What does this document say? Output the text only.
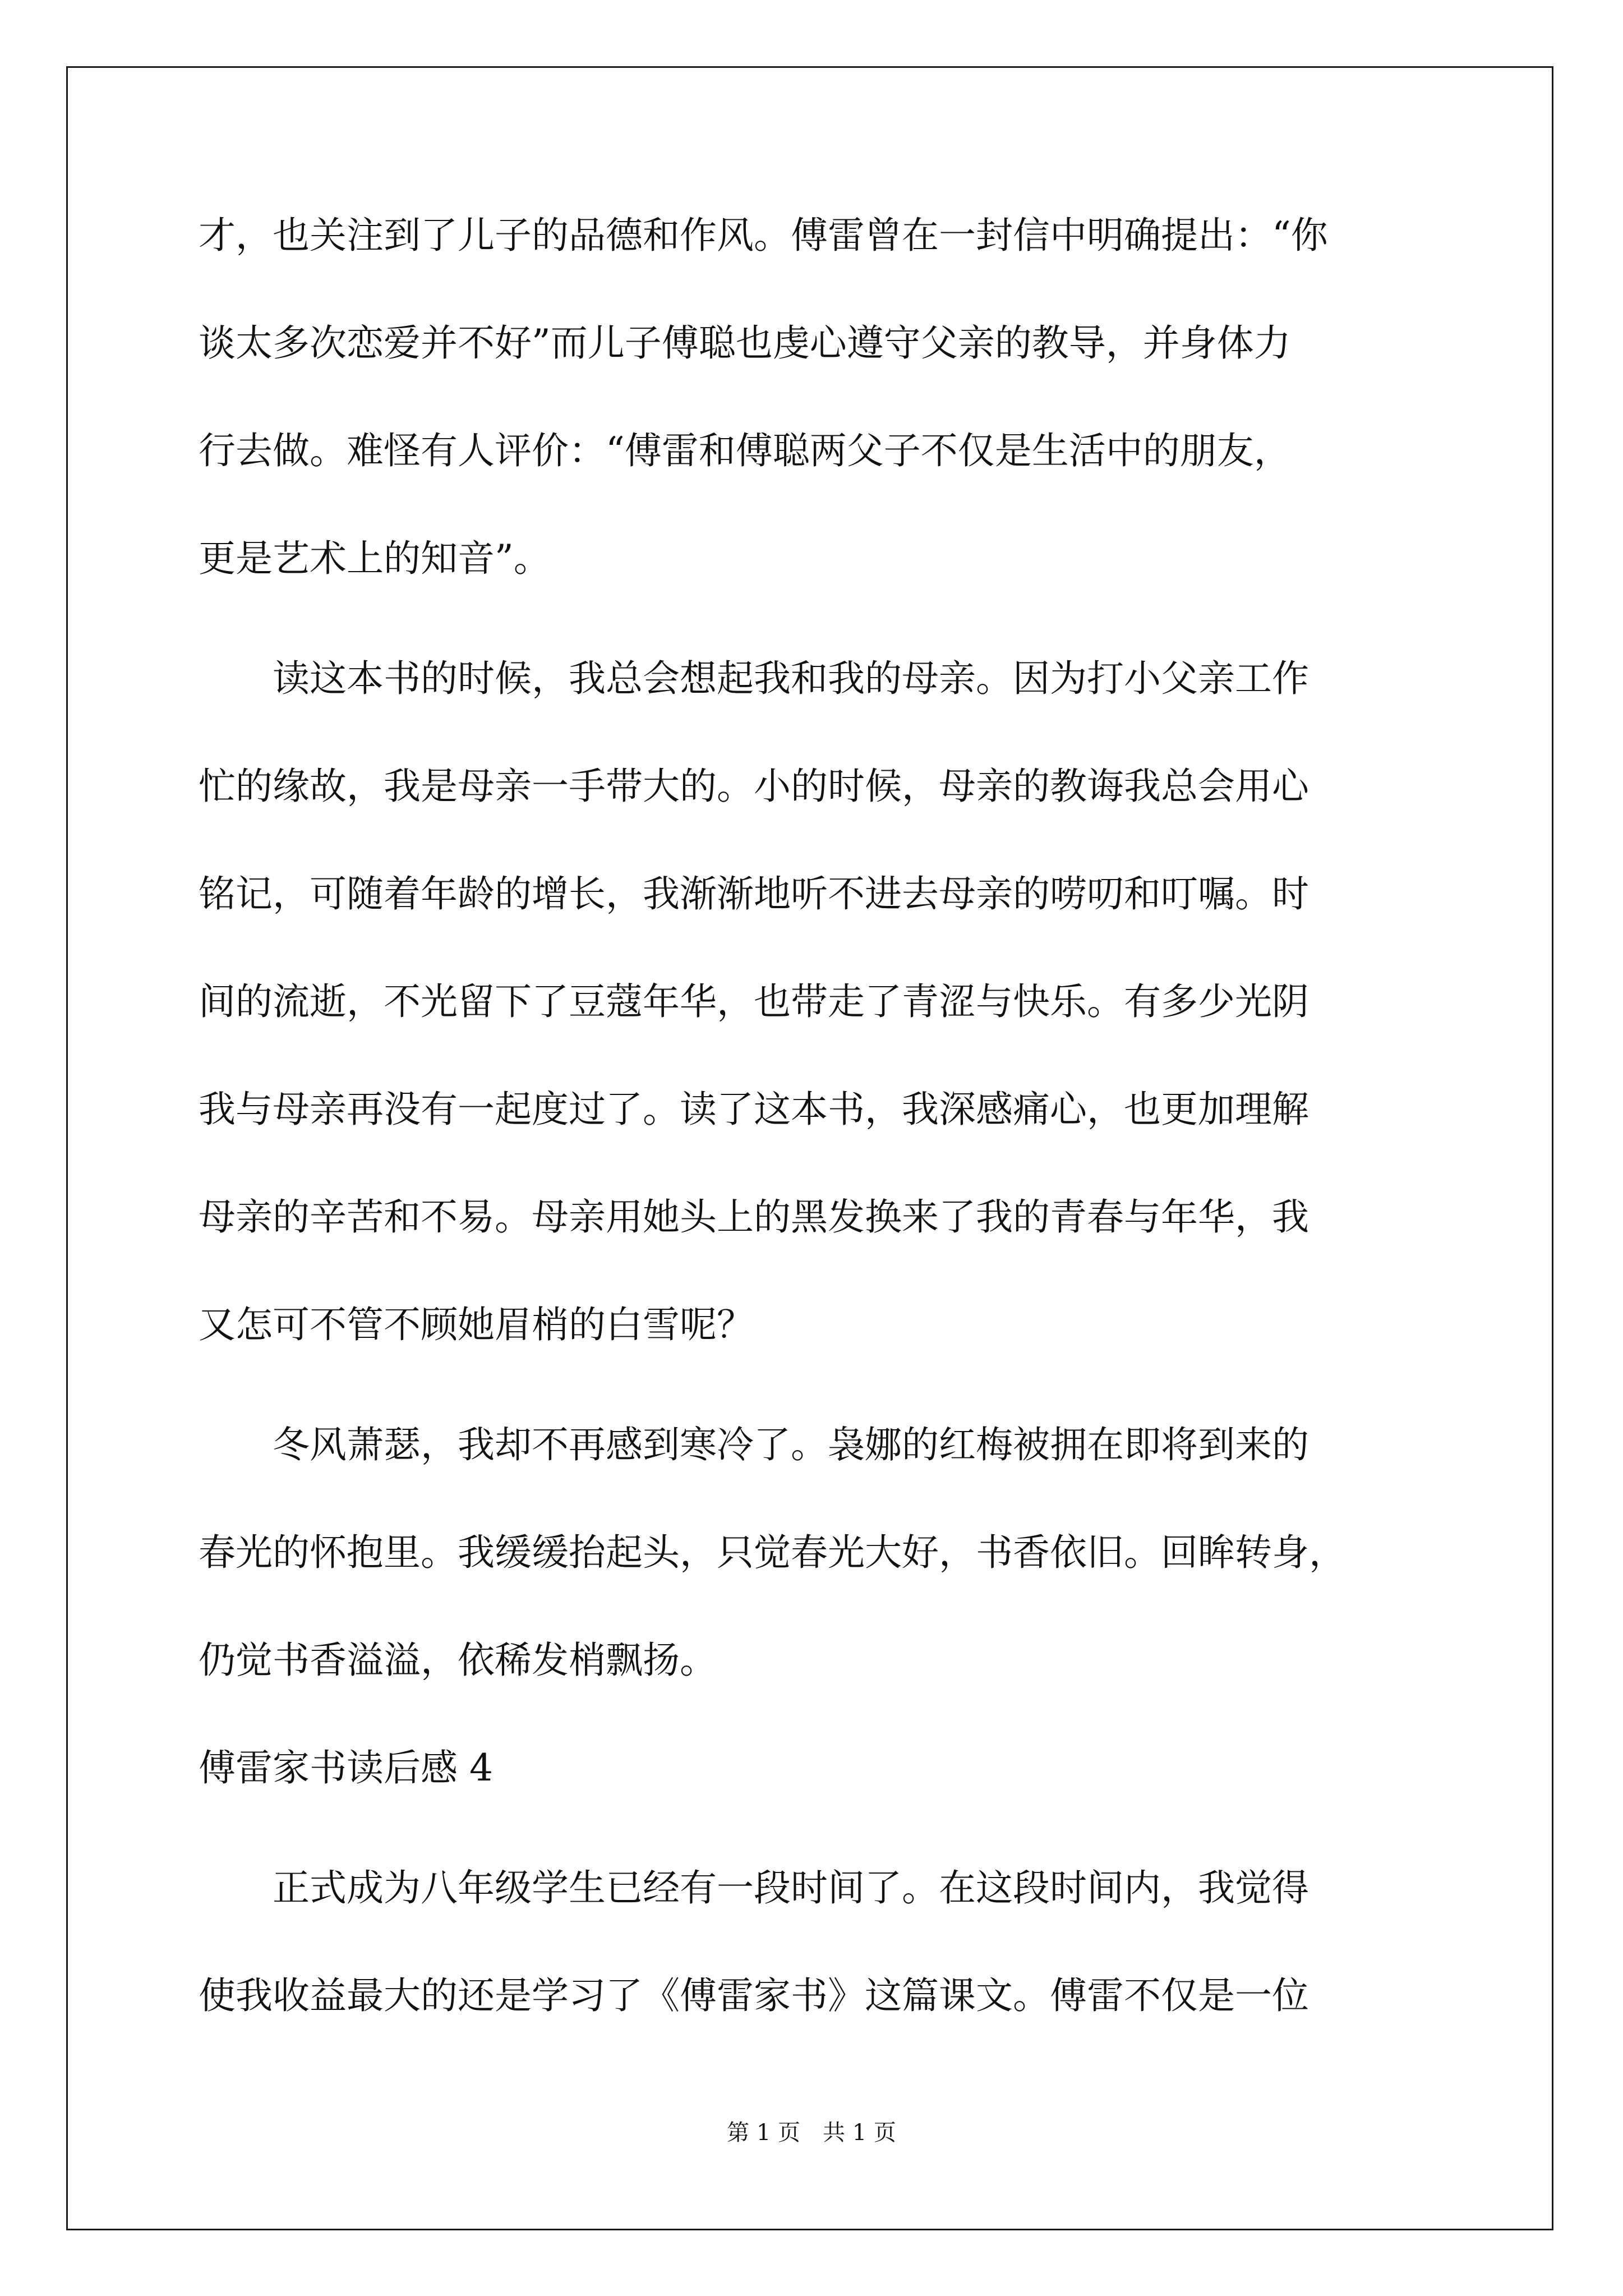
才，也关注到了儿子的品德和作风。傅雷曾在一封信中明确提出：“你
谈太多次恋爱并不好”而儿子傅聪也虔心遵守父亲的教导，并身体力
行去做。难怪有人评价：“傅雷和傅聪两父子不仅是生活中的朋友，
更是艺术上的知音”。
　　读这本书的时候，我总会想起我和我的母亲。因为打小父亲工作
忙的缘故，我是母亲一手带大的。小的时候，母亲的教诲我总会用心
铭记，可随着年龄的增长，我渐渐地听不进去母亲的唠叨和叮嘱。时
间的流逝，不光留下了豆蔻年华，也带走了青涩与快乐。有多少光阴
我与母亲再没有一起度过了。读了这本书，我深感痛心，也更加理解
母亲的辛苦和不易。母亲用她头上的黑发换来了我的青春与年华，我
又怎可不管不顾她眉梢的白雪呢？
　　冬风萧瑟，我却不再感到寒冷了。袅娜的红梅被拥在即将到来的
春光的怀抱里。我缓缓抬起头，只觉春光大好，书香依旧。回眸转身，
仍觉书香溢溢，依稀发梢飘扬。
傅雷家书读后感 4
　　正式成为八年级学生已经有一段时间了。在这段时间内，我觉得
使我收益最大的还是学习了《傅雷家书》这篇课文。傅雷不仅是一位
第 1 页　共 1 页
